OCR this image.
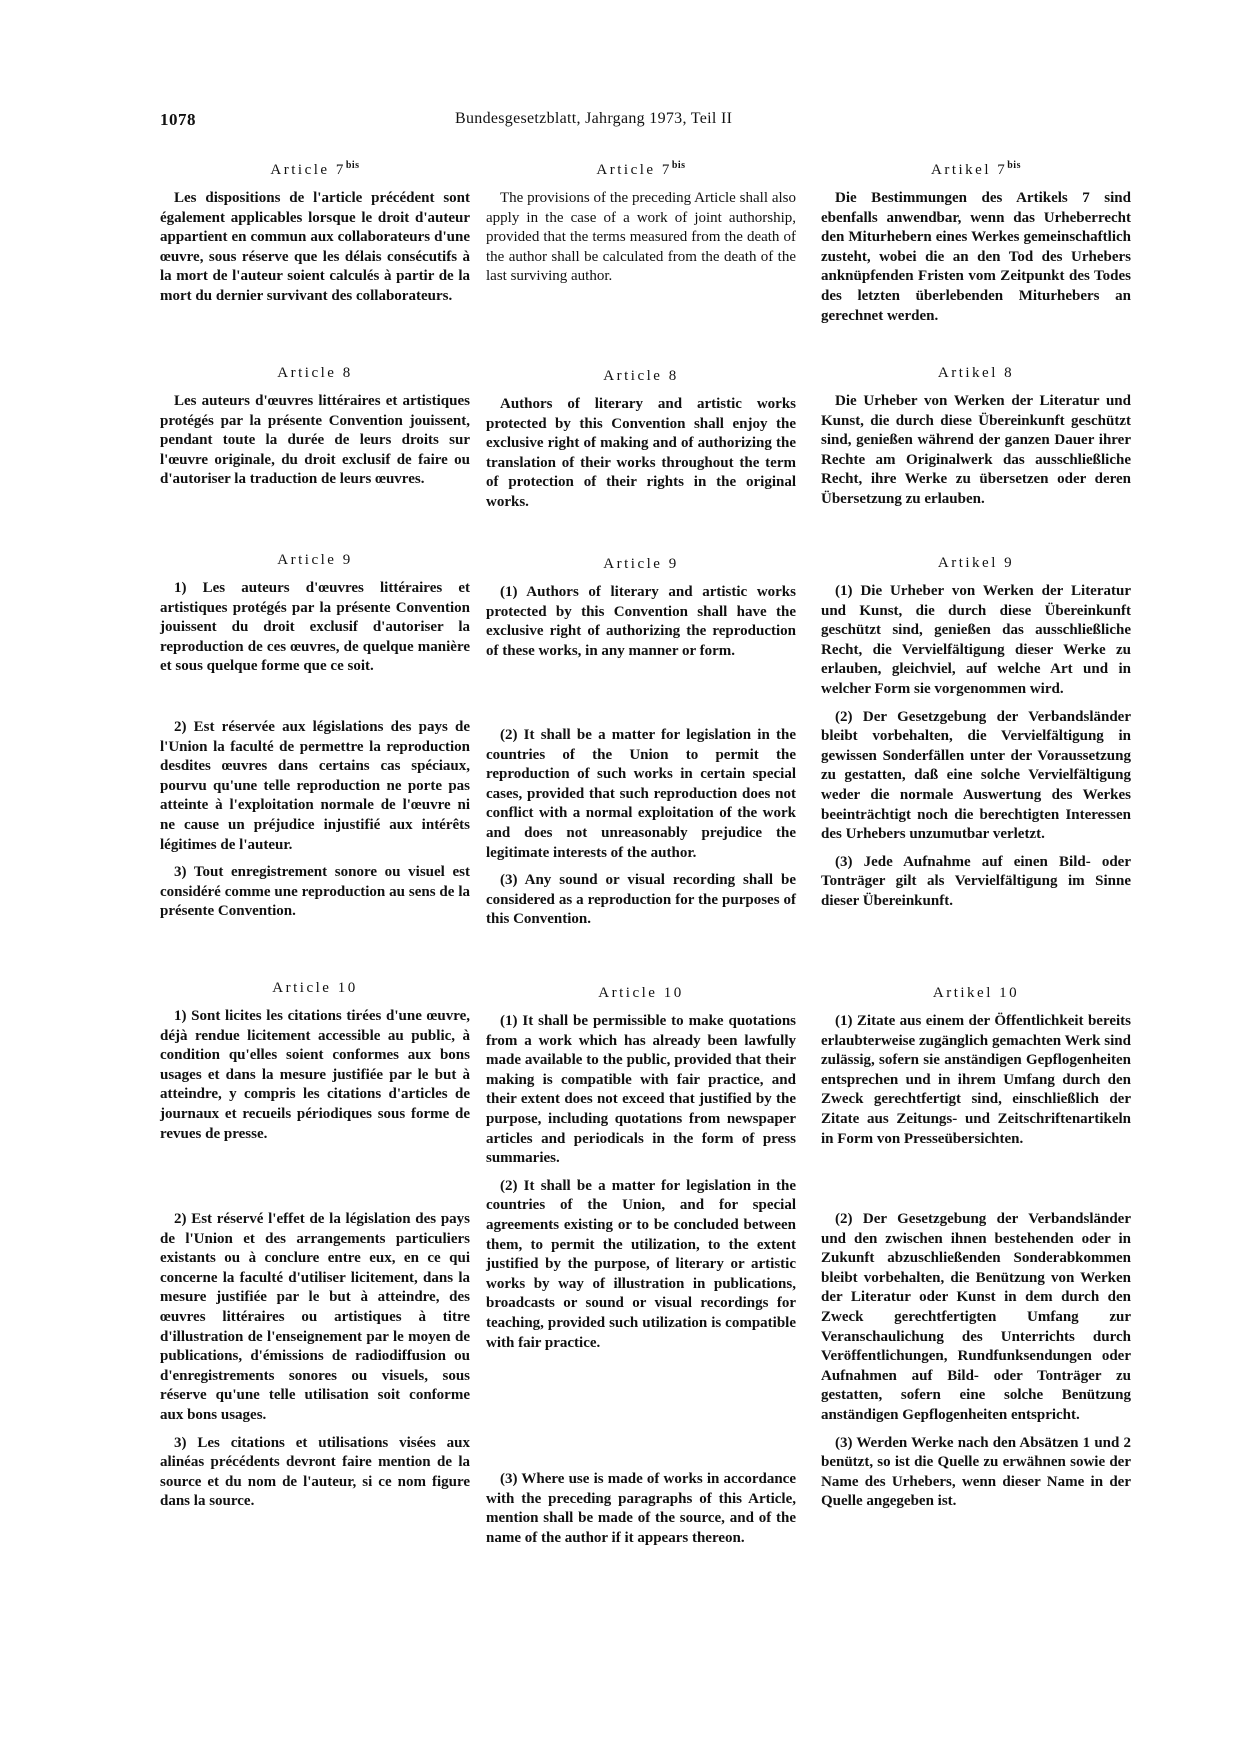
1078	Bundesgesetzblatt, Jahrgang 1973, Teil II
Article $7^{bis}$

Les dispositions de l'article précédent sont également applicables lorsque le droit d'auteur appartient en commun aux collaborateurs d'une œuvre, sous réserve que les délais consécutifs à la mort de l'auteur soient calculés à partir de la mort du dernier survivant des collaborateurs.

Article 8

Les auteurs d'œuvres littéraires et artistiques protégés par la présente Convention jouissent, pendant toute la durée de leurs droits sur l'œuvre originale, du droit exclusif de faire ou d'autoriser la traduction de leurs œuvres.

Article 9

1) Les auteurs d'œuvres littéraires et artistiques protégés par la présente Convention jouissent du droit exclusif d'autoriser la reproduction de ces œuvres, de quelque manière et sous quelque forme que ce soit.

2) Est réservée aux législations des pays de l'Union la faculté de permettre la reproduction desdites œuvres dans certains cas spéciaux, pourvu qu'une telle reproduction ne porte pas atteinte à l'exploitation normale de l'œuvre ni ne cause un préjudice injustifié aux intérêts légitimes de l'auteur.

3) Tout enregistrement sonore ou visuel est considéré comme une reproduction au sens de la présente Convention.

Article 10

1) Sont licites les citations tirées d'une œuvre, déjà rendue licitement accessible au public, à condition qu'elles soient conformes aux bons usages et dans la mesure justifiée par le but à atteindre, y compris les citations d'articles de journaux et recueils périodiques sous forme de revues de presse.

2) Est réservé l'effet de la législation des pays de l'Union et des arrangements particuliers existants ou à conclure entre eux, en ce qui concerne la faculté d'utiliser licitement, dans la mesure justifiée par le but à atteindre, des œuvres littéraires ou artistiques à titre d'illustration de l'enseignement par le moyen de publications, d'émissions de radiodiffusion ou d'enregistrements sonores ou visuels, sous réserve qu'une telle utilisation soit conforme aux bons usages.

3) Les citations et utilisations visées aux alinéas précédents devront faire mention de la source et du nom de l'auteur, si ce nom figure dans la source.

Article $7^{bis}$

The provisions of the preceding Article shall also apply in the case of a work of joint authorship, provided that the terms measured from the death of the author shall be calculated from the death of the last surviving author.

Article 8

Authors of literary and artistic works protected by this Convention shall enjoy the exclusive right of making and of authorizing the translation of their works throughout the term of protection of their rights in the original works.

Article 9

(1) Authors of literary and artistic works protected by this Convention shall have the exclusive right of authorizing the reproduction of these works, in any manner or form.

(2) It shall be a matter for legislation in the countries of the Union to permit the reproduction of such works in certain special cases, provided that such reproduction does not conflict with a normal exploitation of the work and does not unreasonably prejudice the legitimate interests of the author.

(3) Any sound or visual recording shall be considered as a reproduction for the purposes of this Convention.

Article 10

(1) It shall be permissible to make quotations from a work which has already been lawfully made available to the public, provided that their making is compatible with fair practice, and their extent does not exceed that justified by the purpose, including quotations from newspaper articles and periodicals in the form of press summaries.

(2) It shall be a matter for legislation in the countries of the Union, and for special agreements existing or to be concluded between them, to permit the utilization, to the extent justified by the purpose, of literary or artistic works by way of illustration in publications, broadcasts or sound or visual recordings for teaching, provided such utilization is compatible with fair practice.

(3) Where use is made of works in accordance with the preceding paragraphs of this Article, mention shall be made of the source, and of the name of the author if it appears thereon.

Artikel $7^{bis}$

Die Bestimmungen des Artikels 7 sind ebenfalls anwendbar, wenn das Urheberrecht den Miturhebern eines Werkes gemeinschaftlich zusteht, wobei die an den Tod des Urhebers anknüpfenden Fristen vom Zeitpunkt des Todes des letzten überlebenden Miturhebers an gerechnet werden.

Artikel 8

Die Urheber von Werken der Literatur und Kunst, die durch diese Übereinkunft geschützt sind, genießen während der ganzen Dauer ihrer Rechte am Originalwerk das ausschließliche Recht, ihre Werke zu übersetzen oder deren Übersetzung zu erlauben.

Artikel 9

(1) Die Urheber von Werken der Literatur und Kunst, die durch diese Übereinkunft geschützt sind, genießen das ausschließliche Recht, die Vervielfältigung dieser Werke zu erlauben, gleichviel, auf welche Art und in welcher Form sie vorgenommen wird.

(2) Der Gesetzgebung der Verbandsländer bleibt vorbehalten, die Vervielfältigung in gewissen Sonderfällen unter der Voraussetzung zu gestatten, daß eine solche Vervielfältigung weder die normale Auswertung des Werkes beeinträchtigt noch die berechtigten Interessen des Urhebers unzumutbar verletzt.

(3) Jede Aufnahme auf einen Bild- oder Tonträger gilt als Vervielfältigung im Sinne dieser Übereinkunft.

Artikel 10

(1) Zitate aus einem der Öffentlichkeit bereits erlaubterweise zugänglich gemachten Werk sind zulässig, sofern sie anständigen Gepflogenheiten entsprechen und in ihrem Umfang durch den Zweck gerechtfertigt sind, einschließlich der Zitate aus Zeitungs- und Zeitschriftenartikeln in Form von Presseübersichten.

(2) Der Gesetzgebung der Verbandsländer und den zwischen ihnen bestehenden oder in Zukunft abzuschließenden Sonderabkommen bleibt vorbehalten, die Benützung von Werken der Literatur oder Kunst in dem durch den Zweck gerechtfertigten Umfang zur Veranschaulichung des Unterrichts durch Veröffentlichungen, Rundfunksendungen oder Aufnahmen auf Bild- oder Tonträger zu gestatten, sofern eine solche Benützung anständigen Gepflogenheiten entspricht.

(3) Werden Werke nach den Absätzen 1 und 2 benützt, so ist die Quelle zu erwähnen sowie der Name des Urhebers, wenn dieser Name in der Quelle angegeben ist.
